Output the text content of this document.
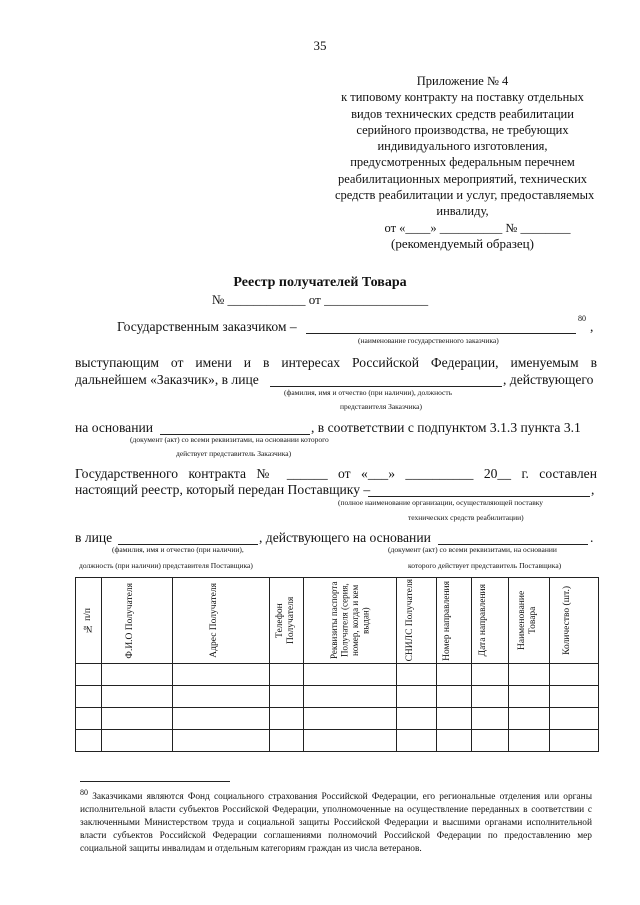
35
Приложение № 4
к типовому контракту на поставку отдельных
видов технических средств реабилитации
серийного производства, не требующих
индивидуального изготовления,
предусмотренных федеральным перечнем
реабилитационных мероприятий, технических
средств реабилитации и услуг, предоставляемых
инвалиду,
от «____» __________ № ________
(рекомендуемый образец)
Реестр получателей Товара
№ ____________ от ________________
Государственным заказчиком –
80
,
(наименование государственного заказчика)
выступающим от имени и в интересах Российской Федерации, именуемым в
дальнейшем «Заказчик», в лице	, действующего
(фамилия, имя и отчество (при наличии), должность
представителя Заказчика)
на основании	, в соответствии с подпунктом 3.1.3 пункта 3.1
(документ (акт) со всеми реквизитами, на основании которого
действует представитель Заказчика)
Государственного контракта № ______ от «___» __________ 20__ г. составлен
настоящий реестр, который передан Поставщику –	,
(полное наименование организации, осуществляющей поставку
технических средств реабилитации)
в лице	, действующего на основании	.
(фамилия, имя и отчество (при наличии),	(документ (акт) со всеми реквизитами, на основании
должность (при наличии) представителя Поставщика)	которого действует представитель Поставщика)
№ п/п	Ф.И.О Получателя	Адрес Получателя	Телефон Получателя	Реквизиты паспорта Получателя (серия, номер, когда и кем выдан)	СНИЛС Получателя	Номер направления	Дата направления	Наименование Товара	Количество (шт.)

80 Заказчиками являются Фонд социального страхования Российской Федерации, его региональные отделения или органы исполнительной власти субъектов Российской Федерации, уполномоченные на осуществление переданных в соответствии с заключенными Министерством труда и социальной защиты Российской Федерации и высшими органами исполнительной власти субъектов Российской Федерации соглашениями полномочий Российской Федерации по предоставлению мер социальной защиты инвалидам и отдельным категориям граждан из числа ветеранов.
